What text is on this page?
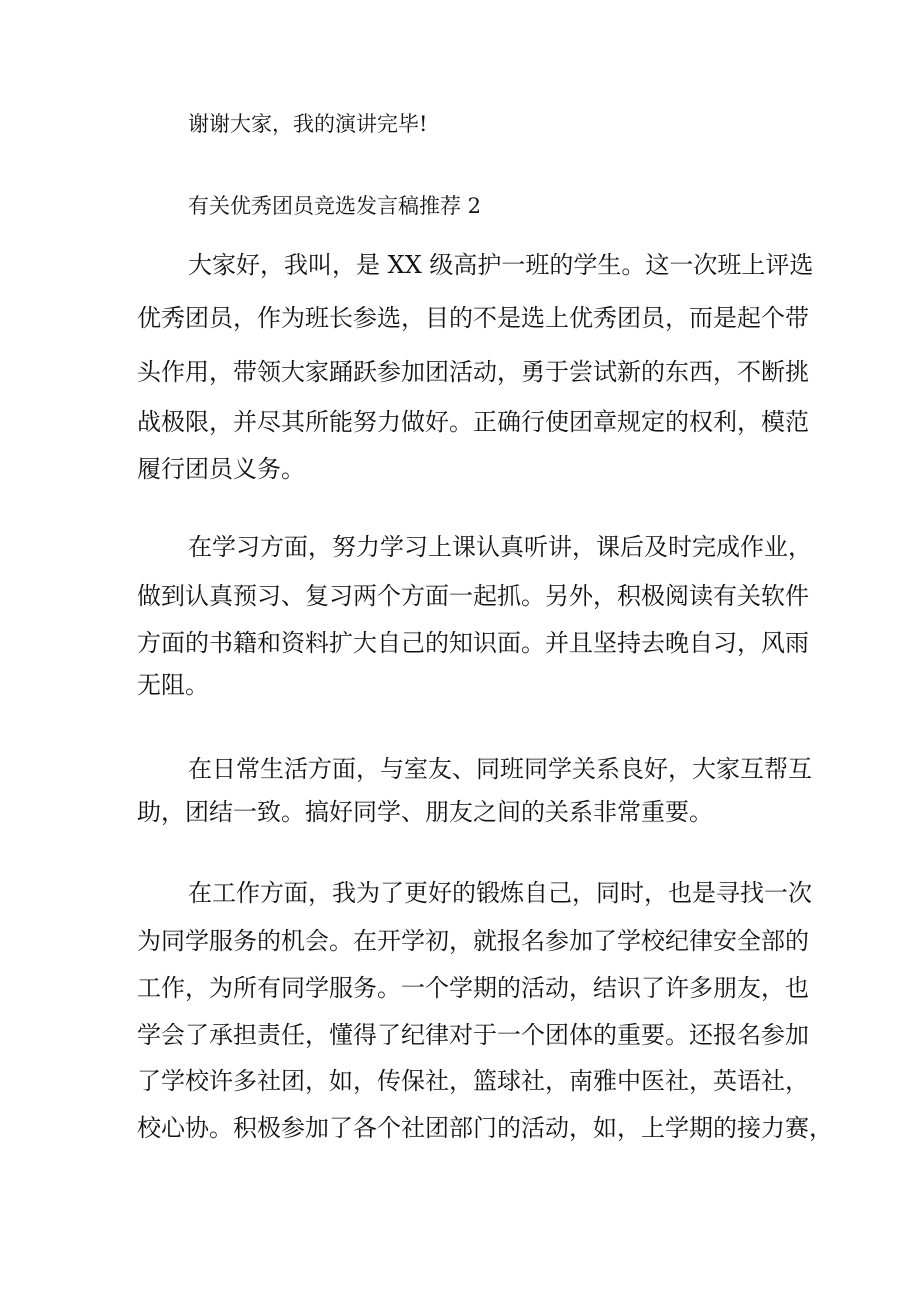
谢谢大家，我的演讲完毕!

有关优秀团员竞选发言稿推荐 2

大家好，我叫，是 XX 级高护一班的学生。这一次班上评选

优秀团员，作为班长参选，目的不是选上优秀团员，而是起个带

头作用，带领大家踊跃参加团活动，勇于尝试新的东西，不断挑

战极限，并尽其所能努力做好。正确行使团章规定的权利，模范

履行团员义务。

在学习方面，努力学习上课认真听讲，课后及时完成作业，

做到认真预习、复习两个方面一起抓。另外，积极阅读有关软件

方面的书籍和资料扩大自己的知识面。并且坚持去晚自习，风雨

无阻。

在日常生活方面，与室友、同班同学关系良好，大家互帮互

助，团结一致。搞好同学、朋友之间的关系非常重要。

在工作方面，我为了更好的锻炼自己，同时，也是寻找一次

为同学服务的机会。在开学初，就报名参加了学校纪律安全部的

工作，为所有同学服务。一个学期的活动，结识了许多朋友，也

学会了承担责任，懂得了纪律对于一个团体的重要。还报名参加

了学校许多社团，如，传保社，篮球社，南雅中医社，英语社，

校心协。积极参加了各个社团部门的活动，如，上学期的接力赛，
